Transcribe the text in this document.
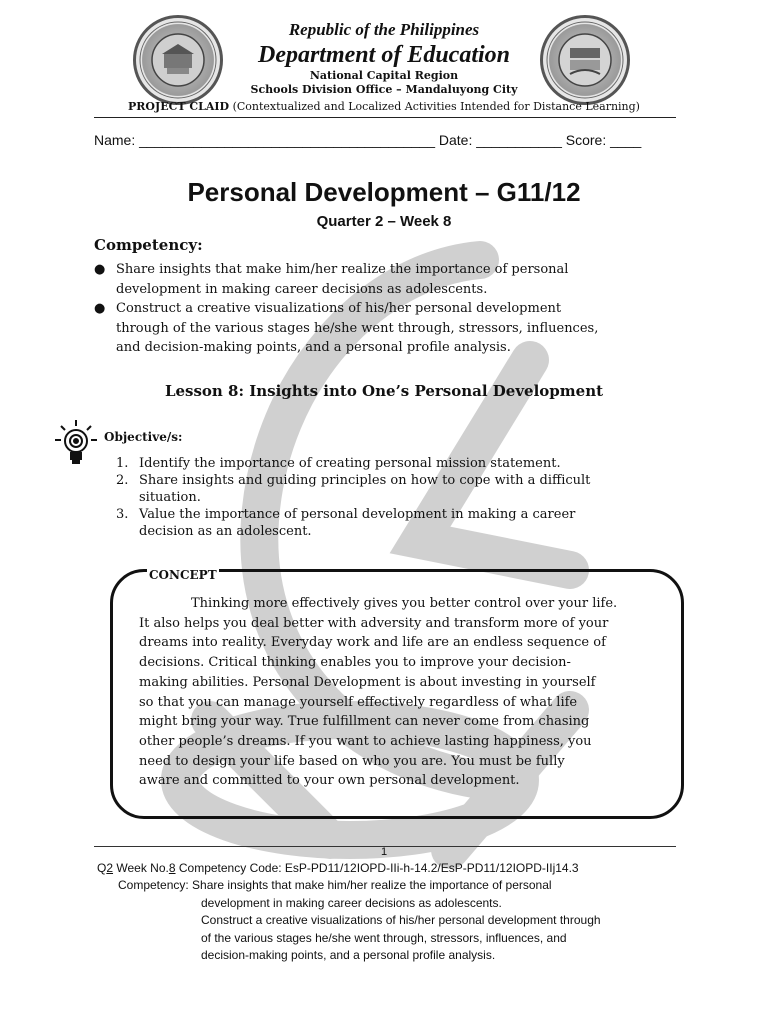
Republic of the Philippines
Department of Education
National Capital Region
Schools Division Office – Mandaluyong City
PROJECT CLAID (Contextualized and Localized Activities Intended for Distance Learning)
Name: ______________________________________ Date: ___________ Score: ____
Personal Development – G11/12
Quarter 2 – Week 8
Competency:
● Share insights that make him/her realize the importance of personal
development in making career decisions as adolescents.
● Construct a creative visualizations of his/her personal development
through of the various stages he/she went through, stressors, influences,
and decision-making points, and a personal profile analysis.
Lesson 8: Insights into One’s Personal Development
Objective/s:
1. Identify the importance of creating personal mission statement.
2. Share insights and guiding principles on how to cope with a difficult
situation.
3. Value the importance of personal development in making a career
decision as an adolescent.
CONCEPT
Thinking more effectively gives you better control over your life.
It also helps you deal better with adversity and transform more of your
dreams into reality. Everyday work and life are an endless sequence of
decisions. Critical thinking enables you to improve your decision-
making abilities. Personal Development is about investing in yourself
so that you can manage yourself effectively regardless of what life
might bring your way. True fulfillment can never come from chasing
other people’s dreams. If you want to achieve lasting happiness, you
need to design your life based on who you are. You must be fully
aware and committed to your own personal development.
1
Q2 Week No.8 Competency Code: EsP-PD11/12IOPD-IIi-h-14.2/EsP-PD11/12IOPD-IIj14.3
Competency: Share insights that make him/her realize the importance of personal
development in making career decisions as adolescents.
Construct a creative visualizations of his/her personal development through
of the various stages he/she went through, stressors, influences, and
decision-making points, and a personal profile analysis.
